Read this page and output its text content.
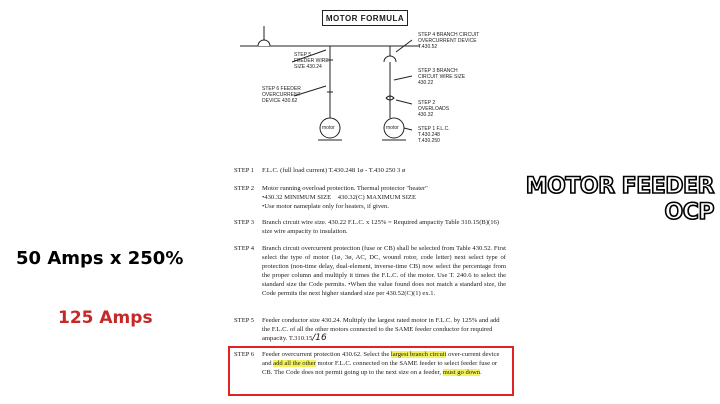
MOTOR FORMULA
motor	motor
STEP 5 FEEDER WIRE SIZE 430.24
STEP 6 FEEDER OVERCURRENT DEVICE 430.62
STEP 4 BRANCH CIRCUIT OVERCURRENT DEVICE T.430.52
STEP 3 BRANCH CIRCUIT WIRE SIZE 430.22
STEP 2 OVERLOADS 430.32
STEP 1 F.L.C. T.430.248 T.430.250
STEP 1 F.L.C. (full load current) T.430.248 1ø - T.430 250 3 ø
STEP 2 Motor running overload protection. Thermal protector "heater"
•430.32 MINIMUM SIZE 430.32(C) MAXIMUM SIZE
•Use motor nameplate only for heaters, if given.
STEP 3 Branch circuit wire size. 430.22 F.L.C. x 125% = Required ampacity Table 310.15(B)(16) size wire ampacity to insulation.
STEP 4 Branch circuit overcurrent protection (fuse or CB) shall be selected from Table 430.52. First select the type of motor (1ø, 3ø, AC, DC, wound rotor, code letter) next select type of protection (non-time delay, dual-element, inverse-time CB) now select the percentage from the proper column and multiply it times the F.L.C. of the motor. Use T. 240.6 to select the standard size the Code permits. •When the value found does not match a standard size, the Code permits the next higher standard size per 430.52(C)(1) ex.1.
STEP 5 Feeder conductor size 430.24. Multiply the largest rated motor in F.L.C. by 125% and add the F.L.C. of all the other motors connected to the SAME feeder conductor for required ampacity. T.310.15/16
STEP 6 Feeder overcurrent protection 430.62. Select the largest branch circuit over-current device and add all the other motor F.L.C. connected on the SAME feeder to select feeder fuse or CB. The Code does not permit going up to the next size on a feeder, must go down.
MOTOR FEEDER
OCP
50 Amps x 250%
125 Amps
